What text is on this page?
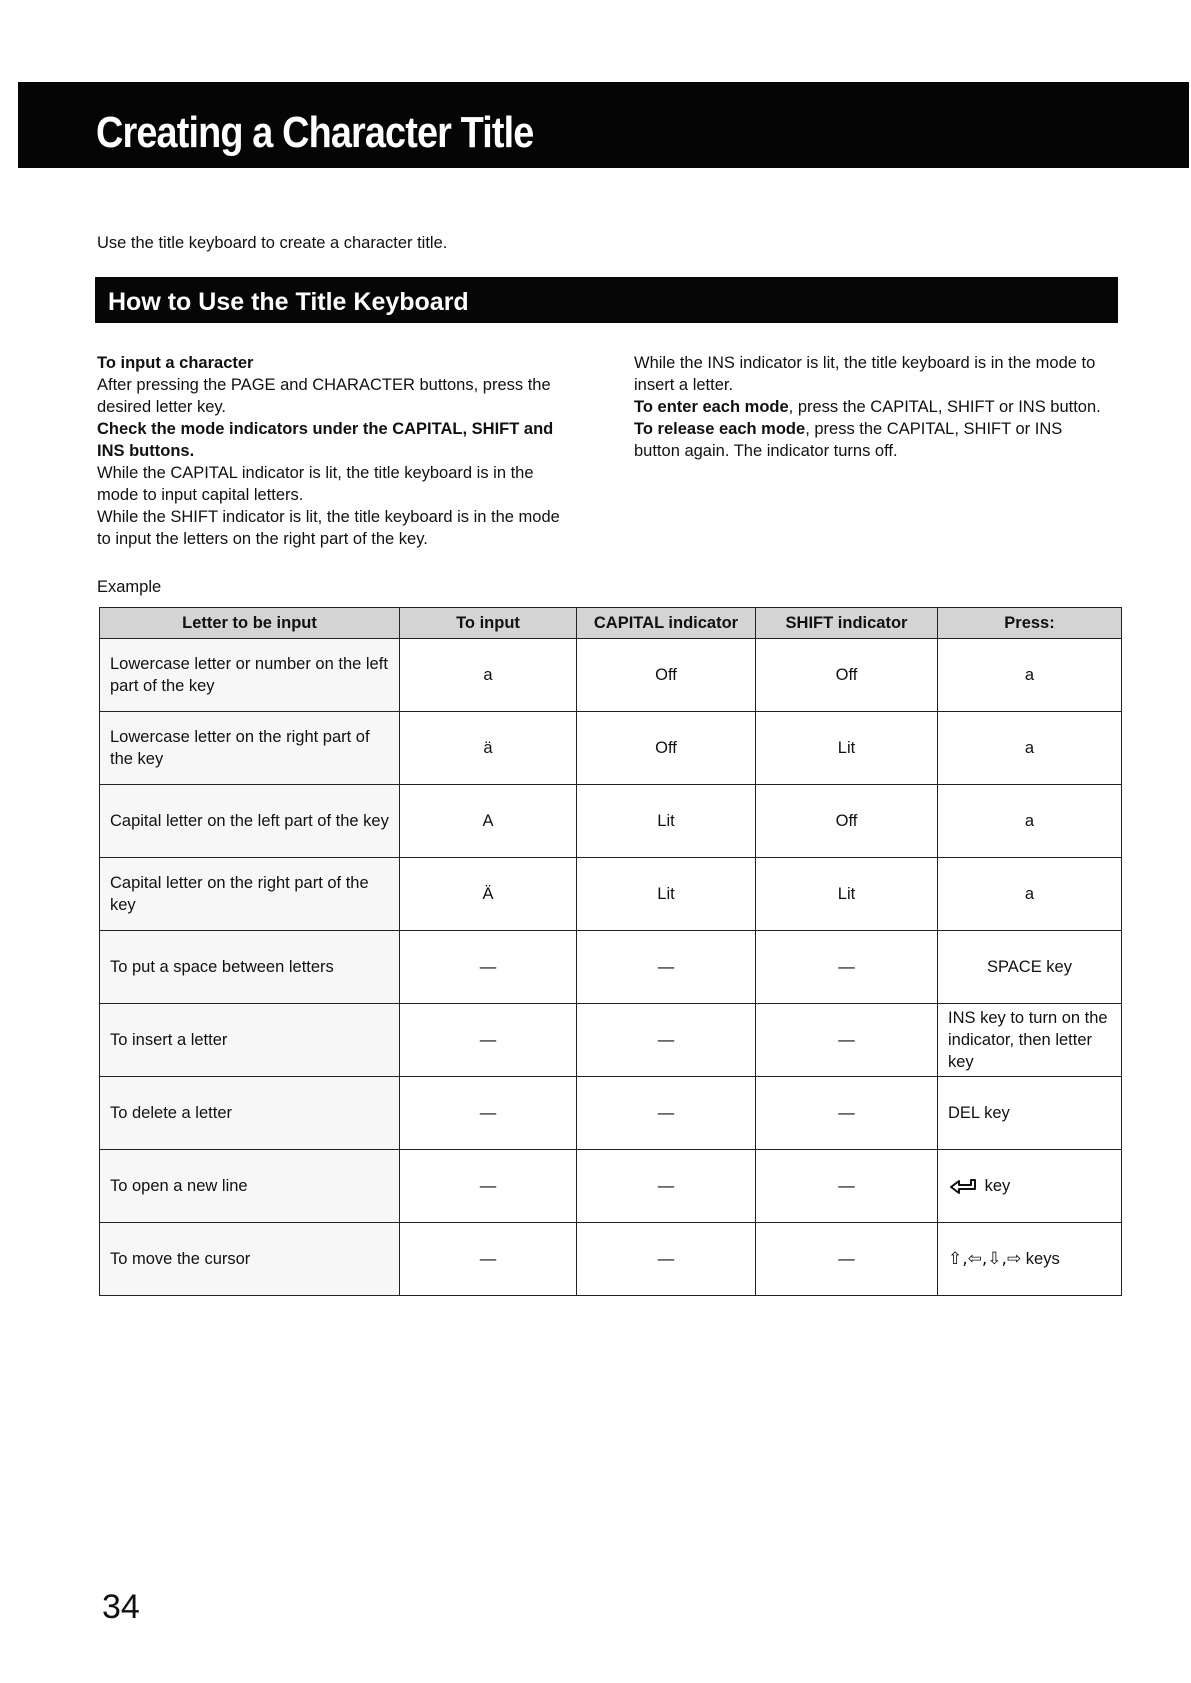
Creating a Character Title

Use the title keyboard to create a character title.

How to Use the Title Keyboard

To input a character

After pressing the PAGE and CHARACTER buttons, press the desired letter key.

Check the mode indicators under the CAPITAL, SHIFT and INS buttons.

While the CAPITAL indicator is lit, the title keyboard is in the mode to input capital letters.

While the SHIFT indicator is lit, the title keyboard is in the mode to input the letters on the right part of the key.

While the INS indicator is lit, the title keyboard is in the mode to insert a letter.

To enter each mode, press the CAPITAL, SHIFT or INS button.

To release each mode, press the CAPITAL, SHIFT or INS button again. The indicator turns off.

Example

Letter to be input	To input	CAPITAL indicator	SHIFT indicator	Press:
Lowercase letter or number on the left part of the key	a	Off	Off	a
Lowercase letter on the right part of the key	ä	Off	Lit	a
Capital letter on the left part of the key	A	Lit	Off	a
Capital letter on the right part of the key	Ä	Lit	Lit	a
To put a space between letters	—	—	—	SPACE key
To insert a letter	—	—	—	INS key to turn on the indicator, then letter key
To delete a letter	—	—	—	DEL key
To open a new line	—	—	—	key
To move the cursor	—	—	—	⇧,⇦,⇩,⇨ keys

34
